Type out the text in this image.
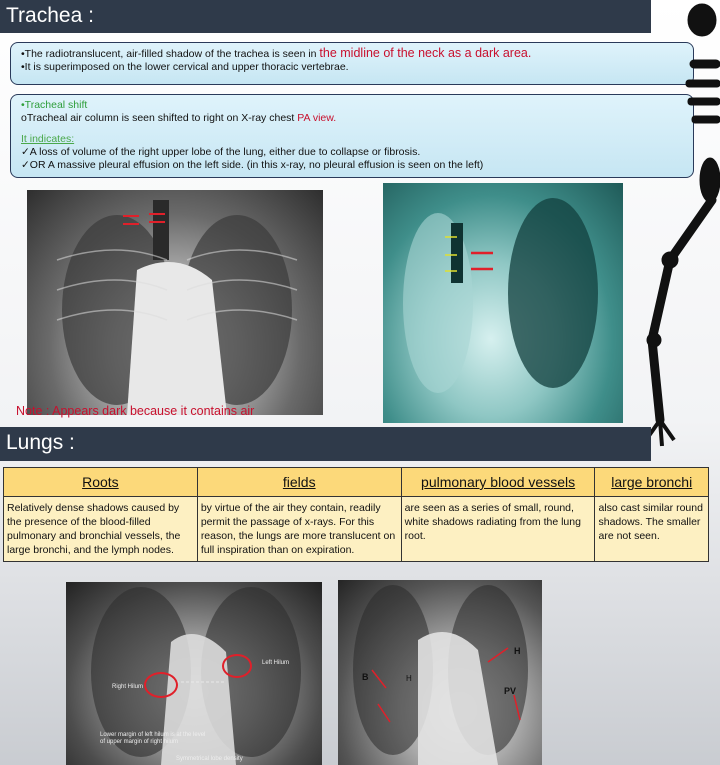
Trachea :
•The radiotranslucent, air-filled shadow of the trachea is seen in the midline of the neck as a dark area.
•It is superimposed on the lower cervical and upper thoracic vertebrae.
•Tracheal shift
oTracheal air column is seen shifted to right on X-ray chest PA view.
It indicates:
✓A loss of volume of the right upper lobe of the lung, either due to collapse or fibrosis.
✓OR A massive pleural effusion on the left side. (in this x-ray, no pleural effusion is seen on the left)
Note : Appears dark because it contains air
Lungs :
Roots	fields	pulmonary blood vessels	large bronchi
Relatively dense shadows caused by the presence of the blood-filled pulmonary and bronchial vessels, the large bronchi, and the lymph nodes.	by virtue of the air they contain, readily permit the passage of x-rays. For this reason, the lungs are more translucent on full inspiration than on expiration.	are seen as a series of small, round, white shadows radiating from the lung root.	also cast similar round shadows. The smaller are not seen.
Right Hilum
Left Hilum
Lower margin of left hilum is at the level of upper margin of right hilum
Symmetrical lobe density
H
B	H
PV
